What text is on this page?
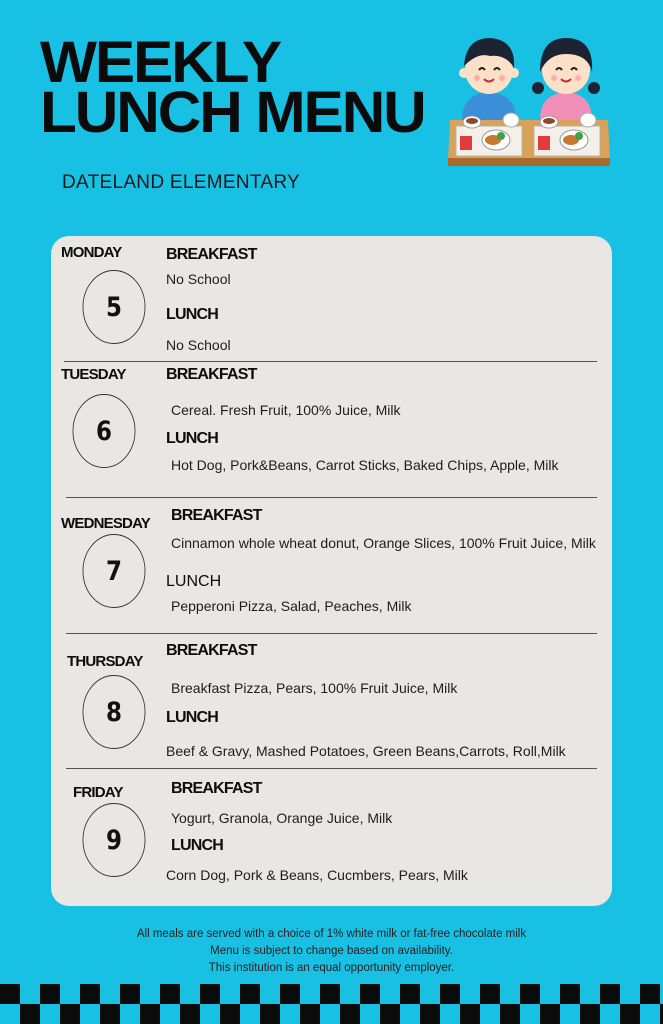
WEEKLY
LUNCH MENU
DATELAND ELEMENTARY
MONDAY
5
BREAKFAST
No School
LUNCH
No School
TUESDAY
6
BREAKFAST
Cereal. Fresh Fruit, 100% Juice, Milk
LUNCH
Hot Dog, Pork&Beans, Carrot Sticks, Baked Chips, Apple, Milk
WEDNESDAY
7
BREAKFAST
Cinnamon whole wheat donut, Orange Slices, 100% Fruit Juice, Milk
LUNCH
Pepperoni Pizza, Salad, Peaches, Milk
THURSDAY
8
BREAKFAST
Breakfast Pizza, Pears, 100% Fruit Juice, Milk
LUNCH
Beef & Gravy, Mashed Potatoes, Green Beans,Carrots, Roll,Milk
FRIDAY
9
BREAKFAST
Yogurt, Granola, Orange Juice, Milk
LUNCH
Corn Dog, Pork & Beans, Cucmbers, Pears, Milk
All meals are served with a choice of 1% white milk or fat-free chocolate milk
Menu is subject to change based on availability.
This institution is an equal opportunity employer.
